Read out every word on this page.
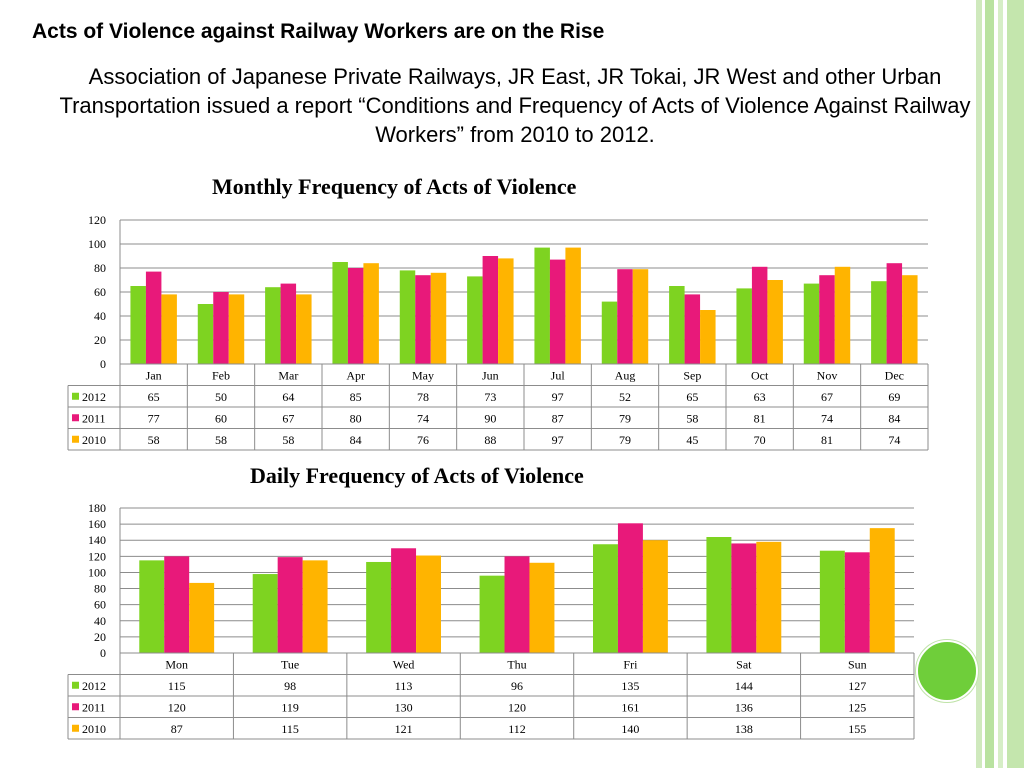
Acts of Violence against Railway Workers are on the Rise
Association of Japanese Private Railways, JR East, JR Tokai, JR West and other Urban Transportation issued a report “Conditions and Frequency of Acts of Violence Against Railway Workers” from 2010 to 2012.
Monthly Frequency of Acts of Violence
0
20
40
60
80
100
120
Jan	Feb	Mar	Apr	May	Jun	Jul	Aug	Sep	Oct	Nov	Dec
2012	65	50	64	85	78	73	97	52	65	63	67	69
2011	77	60	67	80	74	90	87	79	58	81	74	84
2010	58	58	58	84	76	88	97	79	45	70	81	74
Daily Frequency of Acts of Violence
0
20
40
60
80
100
120
140
160
180
Mon	Tue	Wed	Thu	Fri	Sat	Sun
2012	115	98	113	96	135	144	127
2011	120	119	130	120	161	136	125
2010	87	115	121	112	140	138	155
